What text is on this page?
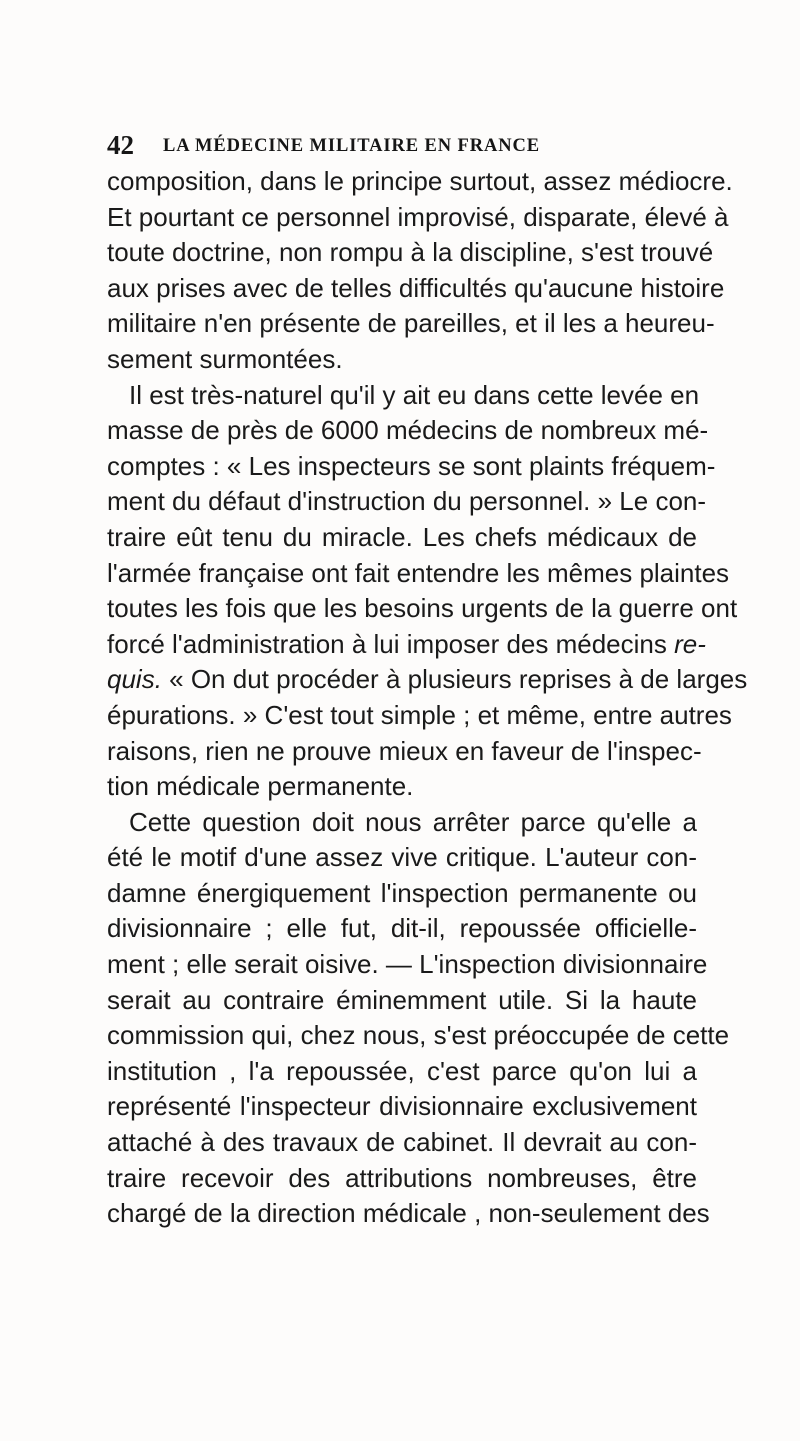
42 LA MÉDECINE MILITAIRE EN FRANCE
composition, dans le principe surtout, assez médiocre.
Et pourtant ce personnel improvisé, disparate, élevé à
toute doctrine, non rompu à la discipline, s'est trouvé
aux prises avec de telles difficultés qu'aucune histoire
militaire n'en présente de pareilles, et il les a heureu-
sement surmontées.
Il est très-naturel qu'il y ait eu dans cette levée en
masse de près de 6000 médecins de nombreux mé-
comptes : « Les inspecteurs se sont plaints fréquem-
ment du défaut d'instruction du personnel. » Le con-
traire eût tenu du miracle. Les chefs médicaux de
l'armée française ont fait entendre les mêmes plaintes
toutes les fois que les besoins urgents de la guerre ont
forcé l'administration à lui imposer des médecins re-
quis. « On dut procéder à plusieurs reprises à de larges
épurations. » C'est tout simple ; et même, entre autres
raisons, rien ne prouve mieux en faveur de l'inspec-
tion médicale permanente.
Cette question doit nous arrêter parce qu'elle a
été le motif d'une assez vive critique. L'auteur con-
damne énergiquement l'inspection permanente ou
divisionnaire ; elle fut, dit-il, repoussée officielle-
ment ; elle serait oisive. — L'inspection divisionnaire
serait au contraire éminemment utile. Si la haute
commission qui, chez nous, s'est préoccupée de cette
institution , l'a repoussée, c'est parce qu'on lui a
représenté l'inspecteur divisionnaire exclusivement
attaché à des travaux de cabinet. Il devrait au con-
traire recevoir des attributions nombreuses, être
chargé de la direction médicale , non-seulement des
